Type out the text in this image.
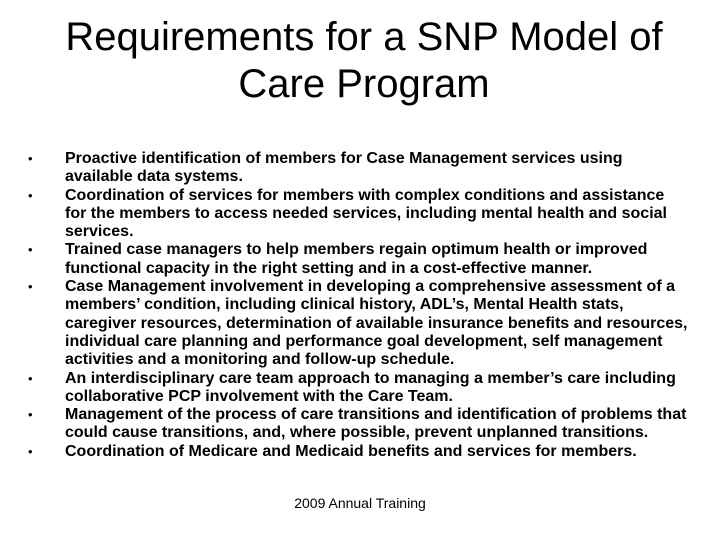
Requirements for a SNP Model of Care Program
• Proactive identification of members for Case Management services using available data systems.
• Coordination of services for members with complex conditions and assistance for the members to access needed services, including mental health and social services.
• Trained case managers to help members regain optimum health or improved functional capacity in the right setting and in a cost-effective manner.
• Case Management involvement in developing a comprehensive assessment of a members’ condition, including clinical history, ADL’s, Mental Health stats, caregiver resources, determination of available insurance benefits and resources, individual care planning and performance goal development, self management activities and a monitoring and follow-up schedule.
• An interdisciplinary care team approach to managing a member’s care including collaborative PCP involvement with the Care Team.
• Management of the process of care transitions and identification of problems that could cause transitions, and, where possible, prevent unplanned transitions.
• Coordination of Medicare and Medicaid benefits and services for members.
2009 Annual Training
